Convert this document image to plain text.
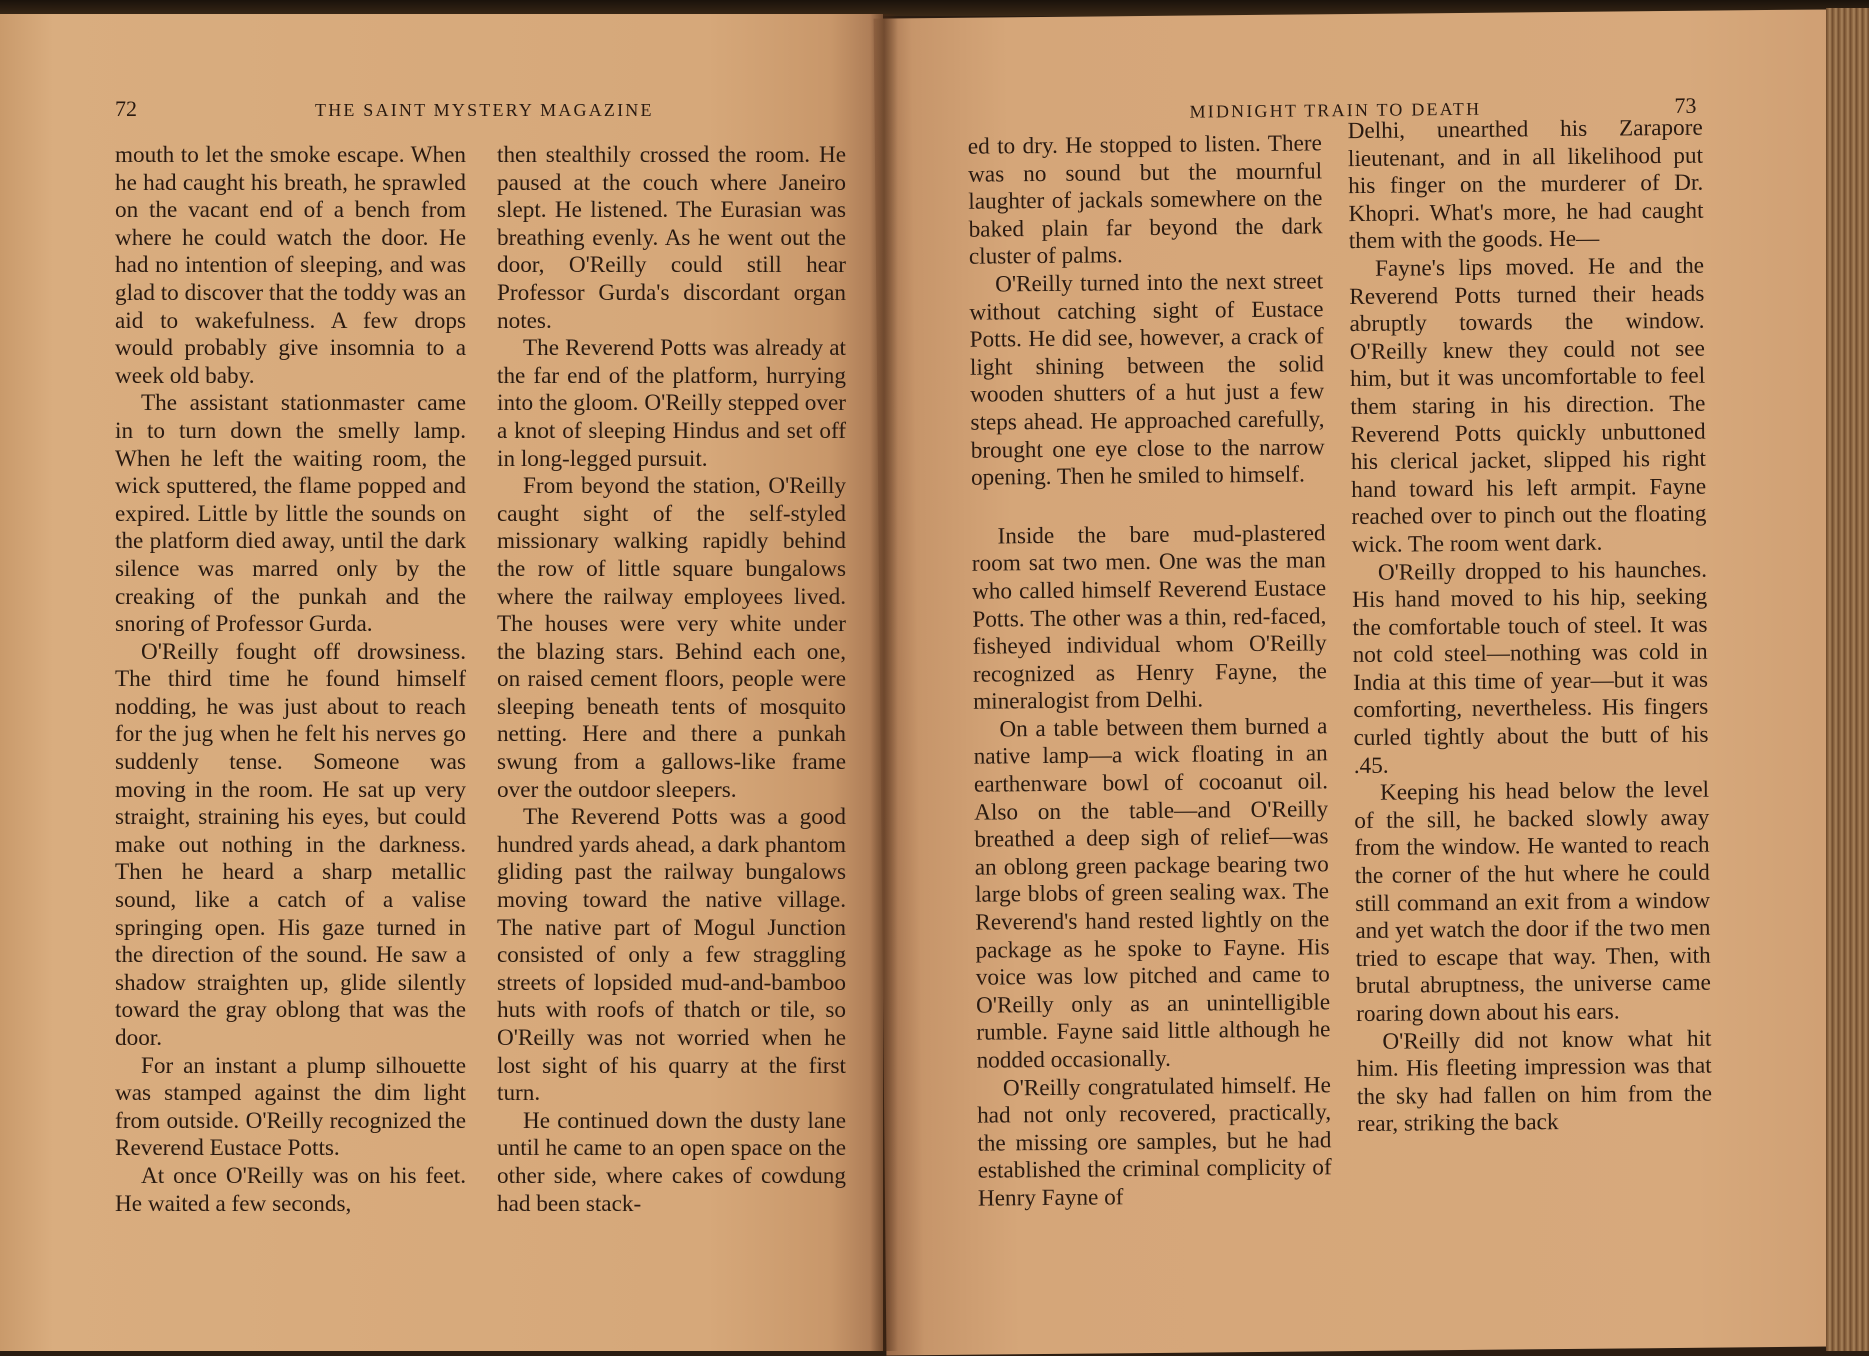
72	THE SAINT MYSTERY MAGAZINE

mouth to let the smoke escape. When he had caught his breath, he sprawled on the vacant end of a bench from where he could watch the door. He had no intention of sleeping, and was glad to discover that the toddy was an aid to wakefulness. A few drops would probably give insomnia to a week old baby.

The assistant stationmaster came in to turn down the smelly lamp. When he left the waiting room, the wick sputtered, the flame popped and expired. Little by little the sounds on the platform died away, until the dark silence was marred only by the creaking of the punkah and the snoring of Professor Gurda.

O'Reilly fought off drowsiness. The third time he found himself nodding, he was just about to reach for the jug when he felt his nerves go suddenly tense. Someone was moving in the room. He sat up very straight, straining his eyes, but could make out nothing in the darkness. Then he heard a sharp metallic sound, like a catch of a valise springing open. His gaze turned in the direction of the sound. He saw a shadow straighten up, glide silently toward the gray oblong that was the door.

For an instant a plump silhouette was stamped against the dim light from outside. O'Reilly recognized the Reverend Eustace Potts.

At once O'Reilly was on his feet. He waited a few seconds,

then stealthily crossed the room. He paused at the couch where Janeiro slept. He listened. The Eurasian was breathing evenly. As he went out the door, O'Reilly could still hear Professor Gurda's discordant organ notes.

The Reverend Potts was already at the far end of the platform, hurrying into the gloom. O'Reilly stepped over a knot of sleeping Hindus and set off in long-legged pursuit.

From beyond the station, O'Reilly caught sight of the self-styled missionary walking rapidly behind the row of little square bungalows where the railway employees lived. The houses were very white under the blazing stars. Behind each one, on raised cement floors, people were sleeping beneath tents of mosquito netting. Here and there a punkah swung from a gallows-like frame over the outdoor sleepers.

The Reverend Potts was a good hundred yards ahead, a dark phantom gliding past the railway bungalows moving toward the native village. The native part of Mogul Junction consisted of only a few straggling streets of lopsided mud-and-bamboo huts with roofs of thatch or tile, so O'Reilly was not worried when he lost sight of his quarry at the first turn.

He continued down the dusty lane until he came to an open space on the other side, where cakes of cowdung had been stack-

MIDNIGHT TRAIN TO DEATH	73

ed to dry. He stopped to listen. There was no sound but the mournful laughter of jackals somewhere on the baked plain far beyond the dark cluster of palms.

O'Reilly turned into the next street without catching sight of Eustace Potts. He did see, however, a crack of light shining between the solid wooden shutters of a hut just a few steps ahead. He approached carefully, brought one eye close to the narrow opening. Then he smiled to himself.

Inside the bare mud-plastered room sat two men. One was the man who called himself Reverend Eustace Potts. The other was a thin, red-faced, fisheyed individual whom O'Reilly recognized as Henry Fayne, the mineralogist from Delhi.

On a table between them burned a native lamp—a wick floating in an earthenware bowl of cocoanut oil. Also on the table—and O'Reilly breathed a deep sigh of relief—was an oblong green package bearing two large blobs of green sealing wax. The Reverend's hand rested lightly on the package as he spoke to Fayne. His voice was low pitched and came to O'Reilly only as an unintelligible rumble. Fayne said little although he nodded occasionally.

O'Reilly congratulated himself. He had not only recovered, practically, the missing ore samples, but he had established the criminal complicity of Henry Fayne of

Delhi, unearthed his Zarapore lieutenant, and in all likelihood put his finger on the murderer of Dr. Khopri. What's more, he had caught them with the goods. He—

Fayne's lips moved. He and the Reverend Potts turned their heads abruptly towards the window. O'Reilly knew they could not see him, but it was uncomfortable to feel them staring in his direction. The Reverend Potts quickly unbuttoned his clerical jacket, slipped his right hand toward his left armpit. Fayne reached over to pinch out the floating wick. The room went dark.

O'Reilly dropped to his haunches. His hand moved to his hip, seeking the comfortable touch of steel. It was not cold steel—nothing was cold in India at this time of year—but it was comforting, nevertheless. His fingers curled tightly about the butt of his .45.

Keeping his head below the level of the sill, he backed slowly away from the window. He wanted to reach the corner of the hut where he could still command an exit from a window and yet watch the door if the two men tried to escape that way. Then, with brutal abruptness, the universe came roaring down about his ears.

O'Reilly did not know what hit him. His fleeting impression was that the sky had fallen on him from the rear, striking the back
